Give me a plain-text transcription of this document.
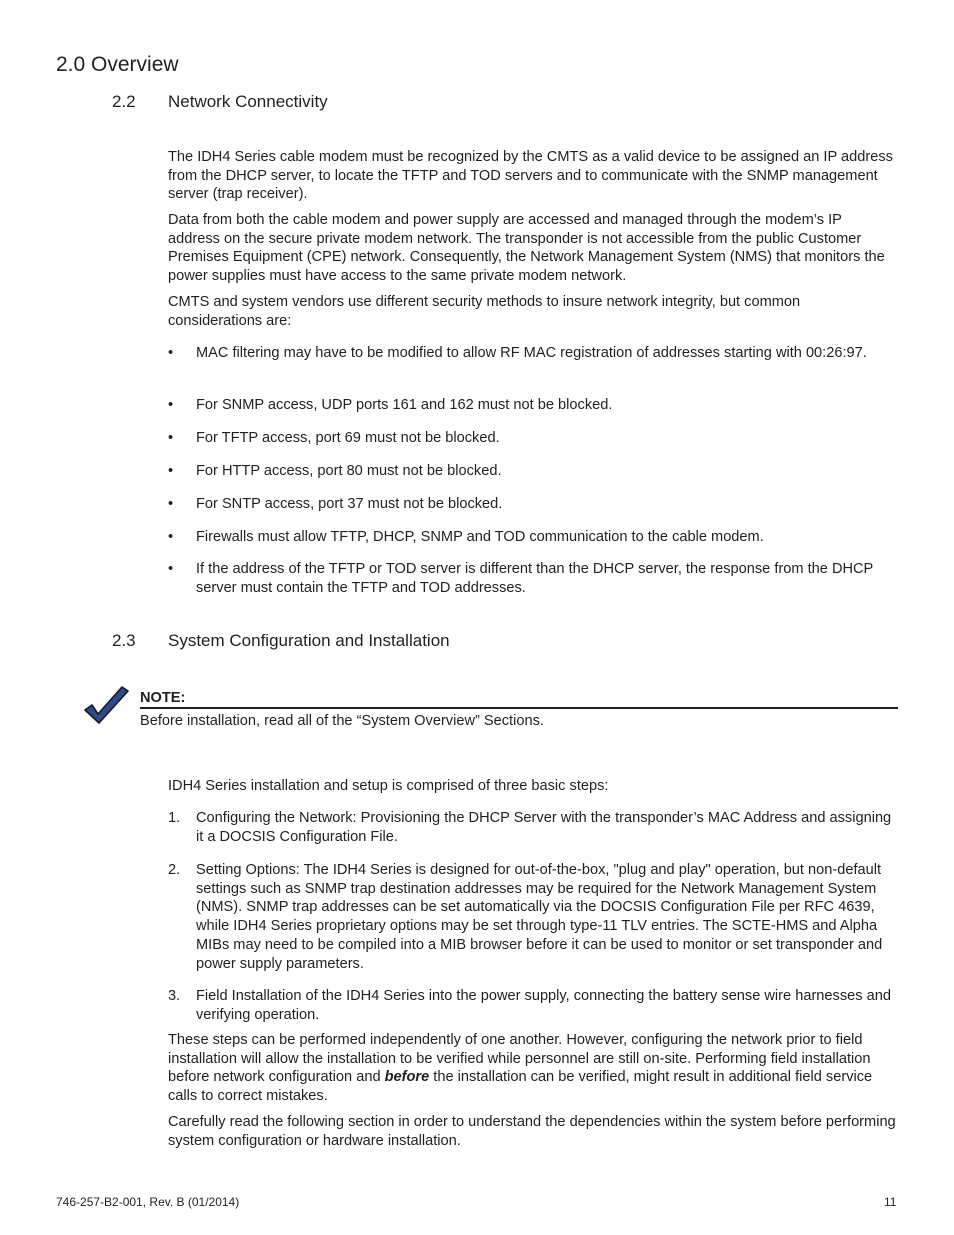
2.0 Overview
2.2 Network Connectivity
The IDH4 Series cable modem must be recognized by the CMTS as a valid device to be assigned an IP address from the DHCP server, to locate the TFTP and TOD servers and to communicate with the SNMP management server (trap receiver).
Data from both the cable modem and power supply are accessed and managed through the modem’s IP address on the secure private modem network. The transponder is not accessible from the public Customer Premises Equipment (CPE) network. Consequently, the Network Management System (NMS) that monitors the power supplies must have access to the same private modem network.
CMTS and system vendors use different security methods to insure network integrity, but common considerations are:
• MAC filtering may have to be modified to allow RF MAC registration of addresses starting with 00:26:97.
• For SNMP access, UDP ports 161 and 162 must not be blocked.
• For TFTP access, port 69 must not be blocked.
• For HTTP access, port 80 must not be blocked.
• For SNTP access, port 37 must not be blocked.
• Firewalls must allow TFTP, DHCP, SNMP and TOD communication to the cable modem.
• If the address of the TFTP or TOD server is different than the DHCP server, the response from the DHCP server must contain the TFTP and TOD addresses.
2.3 System Configuration and Installation
NOTE:
Before installation, read all of the “System Overview” Sections.
IDH4 Series installation and setup is comprised of three basic steps:
1. Configuring the Network: Provisioning the DHCP Server with the transponder’s MAC Address and assigning it a DOCSIS Configuration File.
2. Setting Options: The IDH4 Series is designed for out-of-the-box, "plug and play" operation, but non-default settings such as SNMP trap destination addresses may be required for the Network Management System (NMS). SNMP trap addresses can be set automatically via the DOCSIS Configuration File per RFC 4639, while IDH4 Series proprietary options may be set through type-11 TLV entries. The SCTE-HMS and Alpha MIBs may need to be compiled into a MIB browser before it can be used to monitor or set transponder and power supply parameters.
3. Field Installation of the IDH4 Series into the power supply, connecting the battery sense wire harnesses and verifying operation.
These steps can be performed independently of one another. However, configuring the network prior to field installation will allow the installation to be verified while personnel are still on-site. Performing field installation before network configuration and before the installation can be verified, might result in additional field service calls to correct mistakes.
Carefully read the following section in order to understand the dependencies within the system before performing system configuration or hardware installation.
746-257-B2-001, Rev. B (01/2014)	11
